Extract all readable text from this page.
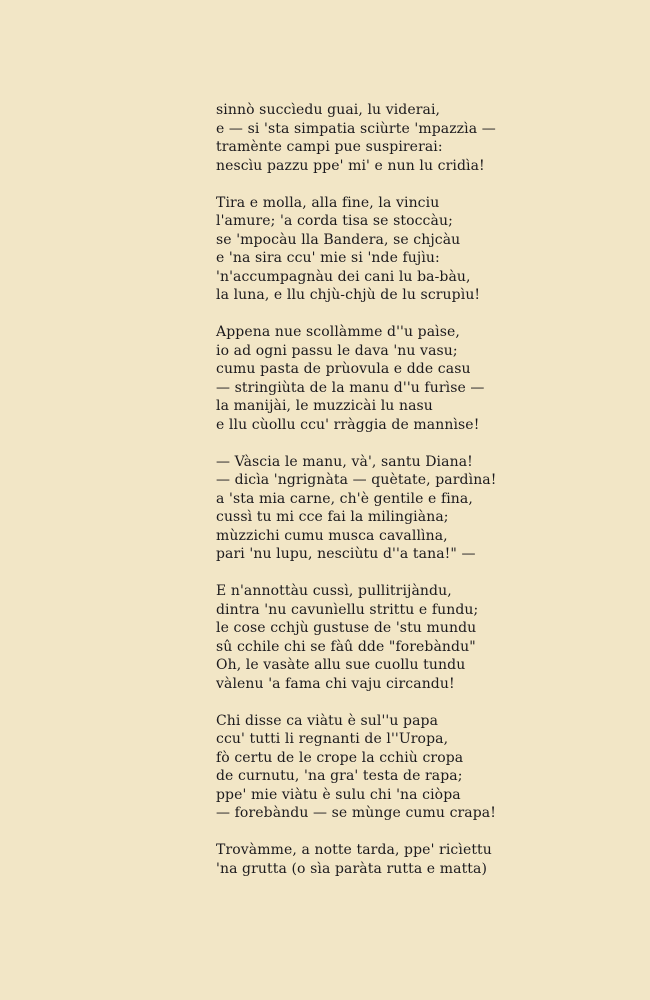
sinnò succìedu guai, lu viderai,
e — si 'sta simpatia sciùrte 'mpazzìa —
tramènte campi pue suspirerai:
nescìu pazzu ppe' mi' e nun lu cridìa!
Tira e molla, alla fine, la vinciu
l'amure; 'a corda tisa se stoccàu;
se 'mpocàu lla Bandera, se chjcàu
e 'na sira ccu' mie si 'nde fujìu:
'n'accumpagnàu dei cani lu ba-bàu,
la luna, e llu chjù-chjù de lu scrupìu!
Appena nue scollàmme d''u paìse,
io ad ogni passu le dava 'nu vasu;
cumu pasta de prùovula e dde casu
— stringiùta de la manu d''u furìse —
la manijài, le muzzicài lu nasu
e llu cùollu ccu' rràggia de mannìse!
— Vàscia le manu, và', santu Diana!
— dicìa 'ngrignàta — quètate, pardìna!
a 'sta mia carne, ch'è gentile e fina,
cussì tu mi cce fai la milingiàna;
mùzzichi cumu musca cavallìna,
pari 'nu lupu, nesciùtu d''a tana!" —
E n'annottàu cussì, pullitrijàndu,
dintra 'nu cavunìellu strittu e fundu;
le cose cchjù gustuse de 'stu mundu
sû cchile chi se fàû dde "forebàndu"
Oh, le vasàte allu sue cuollu tundu
vàlenu 'a fama chi vaju circandu!
Chi disse ca viàtu è sul''u papa
ccu' tutti li regnanti de l''Uropa,
fò certu de le crope la cchiù cropa
de curnutu, 'na gra' testa de rapa;
ppe' mie viàtu è sulu chi 'na ciòpa
— forebàndu — se mùnge cumu crapa!
Trovàmme, a notte tarda, ppe' ricìettu
'na grutta (o sìa paràta rutta e matta)
